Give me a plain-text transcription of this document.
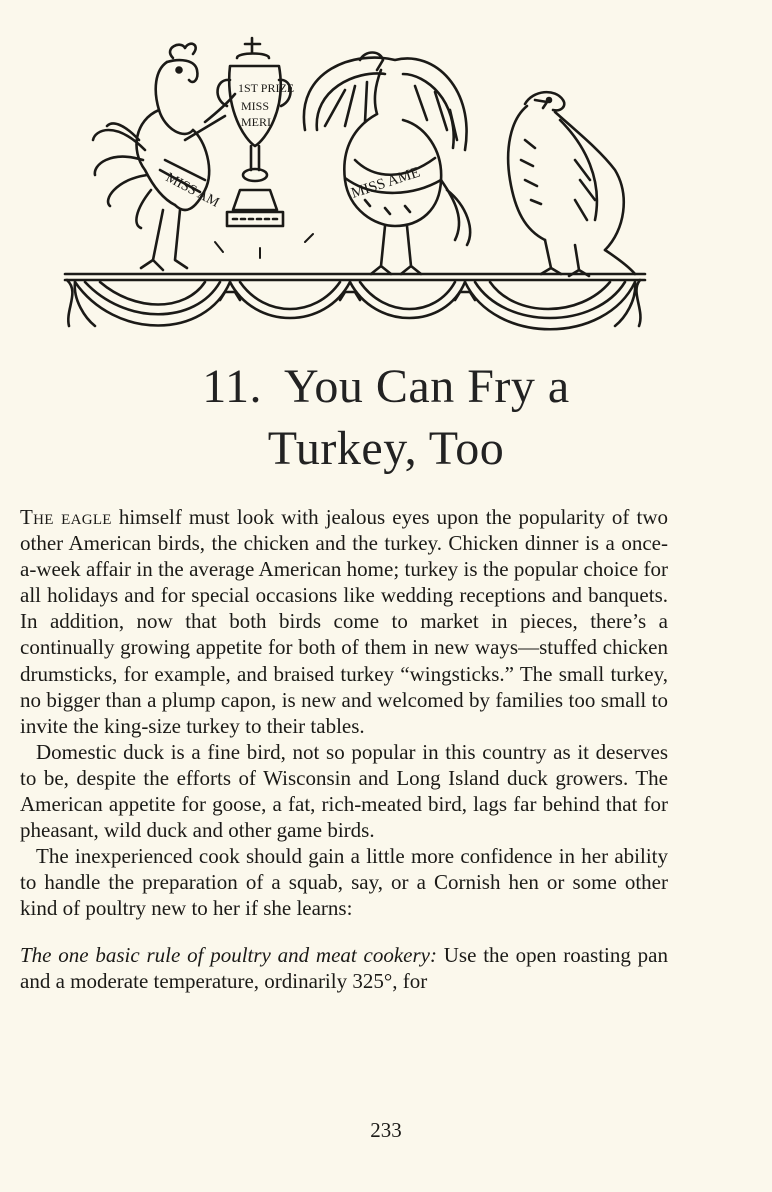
MISS AM
1ST PRIZE
MISS
MERI
MISS AME
11. You Can Fry a
Turkey, Too

The eagle himself must look with jealous eyes upon the popularity of two other American birds, the chicken and the turkey. Chicken dinner is a once-a-week affair in the average American home; turkey is the popular choice for all holidays and for special occasions like wedding receptions and banquets. In addition, now that both birds come to market in pieces, there’s a continually growing appetite for both of them in new ways—stuffed chicken drumsticks, for example, and braised turkey “wingsticks.” The small turkey, no bigger than a plump capon, is new and welcomed by families too small to invite the king-size turkey to their tables.

Domestic duck is a fine bird, not so popular in this country as it deserves to be, despite the efforts of Wisconsin and Long Island duck growers. The American appetite for goose, a fat, rich-meated bird, lags far behind that for pheasant, wild duck and other game birds.

The inexperienced cook should gain a little more confidence in her ability to handle the preparation of a squab, say, or a Cornish hen or some other kind of poultry new to her if she learns:

The one basic rule of poultry and meat cookery: Use the open roasting pan and a moderate temperature, ordinarily 325°, for

233
